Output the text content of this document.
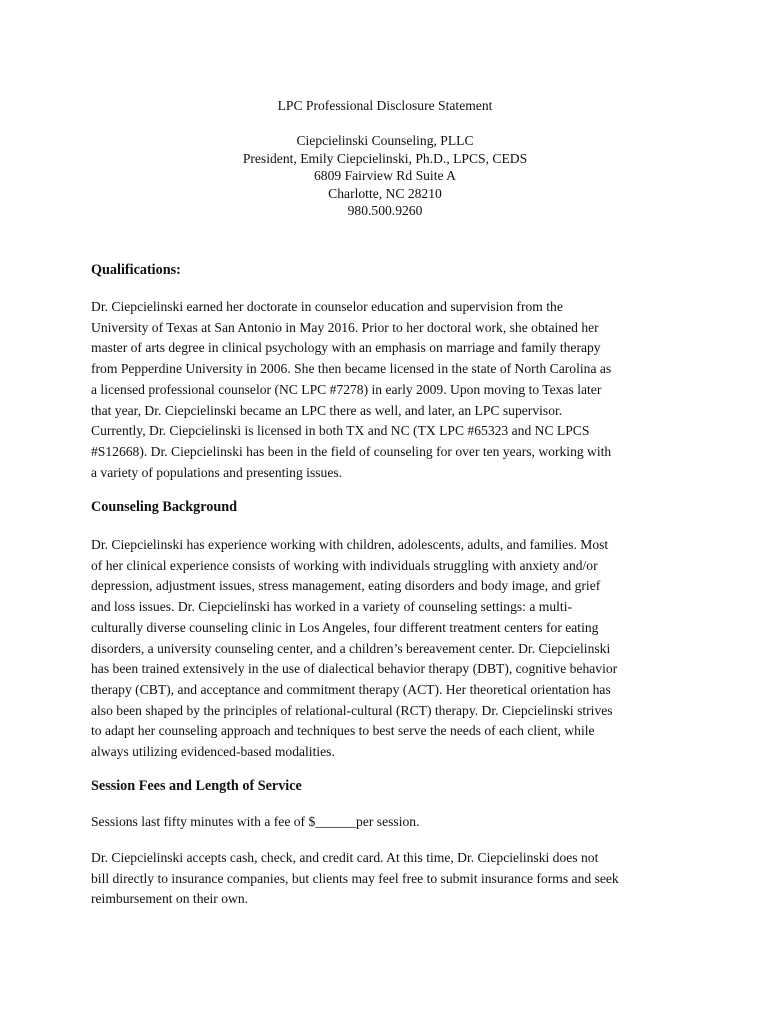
LPC Professional Disclosure Statement
Ciepcielinski Counseling, PLLC
President, Emily Ciepcielinski, Ph.D., LPCS, CEDS
6809 Fairview Rd Suite A
Charlotte, NC 28210
980.500.9260
Qualifications:
Dr. Ciepcielinski earned her doctorate in counselor education and supervision from the
University of Texas at San Antonio in May 2016. Prior to her doctoral work, she obtained her
master of arts degree in clinical psychology with an emphasis on marriage and family therapy
from Pepperdine University in 2006. She then became licensed in the state of North Carolina as
a licensed professional counselor (NC LPC #7278) in early 2009. Upon moving to Texas later
that year, Dr. Ciepcielinski became an LPC there as well, and later, an LPC supervisor.
Currently, Dr. Ciepcielinski is licensed in both TX and NC (TX LPC #65323 and NC LPCS
#S12668). Dr. Ciepcielinski has been in the field of counseling for over ten years, working with
a variety of populations and presenting issues.
Counseling Background
Dr. Ciepcielinski has experience working with children, adolescents, adults, and families. Most
of her clinical experience consists of working with individuals struggling with anxiety and/or
depression, adjustment issues, stress management, eating disorders and body image, and grief
and loss issues. Dr. Ciepcielinski has worked in a variety of counseling settings: a multi-
culturally diverse counseling clinic in Los Angeles, four different treatment centers for eating
disorders, a university counseling center, and a children’s bereavement center. Dr. Ciepcielinski
has been trained extensively in the use of dialectical behavior therapy (DBT), cognitive behavior
therapy (CBT), and acceptance and commitment therapy (ACT). Her theoretical orientation has
also been shaped by the principles of relational-cultural (RCT) therapy. Dr. Ciepcielinski strives
to adapt her counseling approach and techniques to best serve the needs of each client, while
always utilizing evidenced-based modalities.
Session Fees and Length of Service
Sessions last fifty minutes with a fee of $______per session.
Dr. Ciepcielinski accepts cash, check, and credit card. At this time, Dr. Ciepcielinski does not
bill directly to insurance companies, but clients may feel free to submit insurance forms and seek
reimbursement on their own.
